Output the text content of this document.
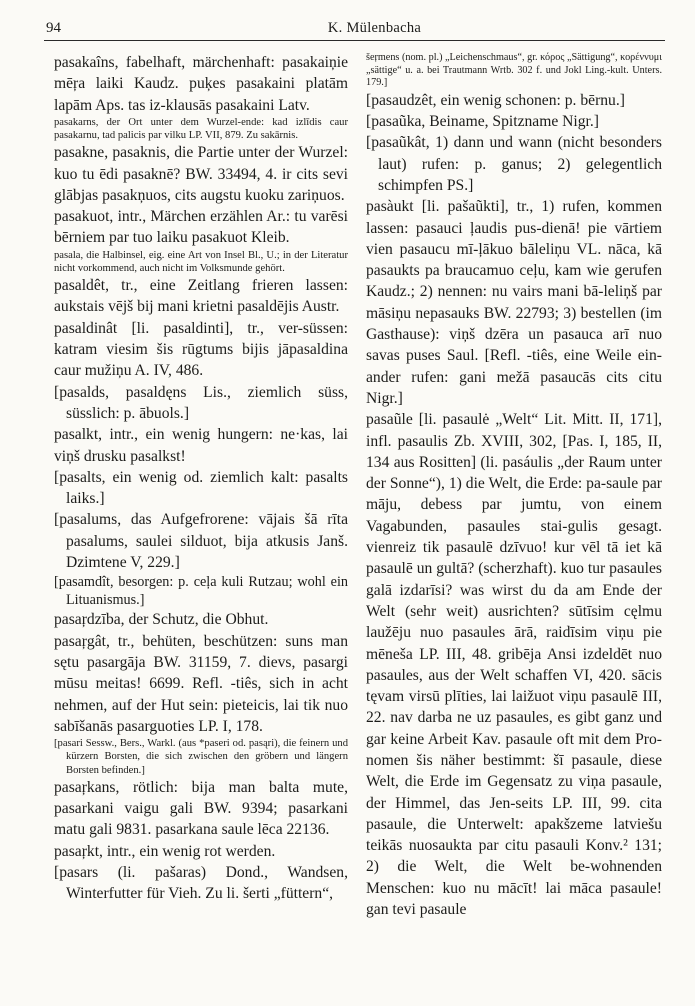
94	K. Mülenbacha

pasakaîns, fabelhaft, märchenhaft: pasakaiņie mēŗa laiki Kaudz. puķes pasakaini platām lapām Aps. tas iz-klausās pasakaini Latv.

pasakarns, der Ort unter dem Wurzel-ende: kad izlīdis caur pasakarnu, tad palicis par vilku LP. VII, 879. Zu sakārnis.

pasakne, pasaknis, die Partie unter der Wurzel: kuo tu ēdi pasaknē? BW. 33494, 4. ir cits sevi glābjas pasakņuos, cits augstu kuoku zariņuos.

pasakuot, intr., Märchen erzählen Ar.: tu varēsi bērniem par tuo laiku pasakuot Kleib.

pasala, die Halbinsel, eig. eine Art von Insel Bl., U.; in der Literatur nicht vorkommend, auch nicht im Volksmunde gehört.

pasaldêt, tr., eine Zeitlang frieren lassen: aukstais vējš bij mani krietni pasaldējis Austr.

pasaldinât [li. pasaldinti], tr., ver-süssen: katram viesim šis rūgtums bijis jāpasaldina caur mužiņu A. IV, 486.

[pasalds, pasaldęns Lis., ziemlich süss, süsslich: p. ābuols.]

pasalkt, intr., ein wenig hungern: ne·kas, lai viņš drusku pasalkst!

[pasalts, ein wenig od. ziemlich kalt: pasalts laiks.]

[pasalums, das Aufgefrorene: vājais šā rīta pasalums, saulei silduot, bija atkusis Janš. Dzimtene V, 229.]

[pasamdît, besorgen: p. ceļa kuli Rutzau; wohl ein Lituanismus.]

pasaŗdzība, der Schutz, die Obhut.

pasaŗgât, tr., behüten, beschützen: suns man sętu pasargāja BW. 31159, 7. dievs, pasargi mūsu meitas! 6699. Refl. -tiês, sich in acht nehmen, auf der Hut sein: pieteicis, lai tik nuo sabīšanās pasarguoties LP. I, 178.

[pasari Sessw., Bers., Warkl. (aus *paseri od. pasąri), die feinern und kürzern Borsten, die sich zwischen den gröbern und längern Borsten befinden.]

pasaŗkans, rötlich: bija man balta mute, pasarkani vaigu gali BW. 9394; pasarkani matu gali 9831. pasarkana saule lēca 22136.

pasaŗkt, intr., ein wenig rot werden.

[pasars (li. pašaras) Dond., Wandsen, Winterfutter für Vieh. Zu li. šerti „füttern“,

šeŗmens (nom. pl.) „Leichenschmaus“, gr. κόρος „Sättigung“, κορέννυμι „sättige“ u. a. bei Trautmann Wrtb. 302 f. und Jokl Ling.-kult. Unters. 179.]

[pasaudzêt, ein wenig schonen: p. bērnu.]

[pasaũka, Beiname, Spitzname Nigr.]

[pasaũkât, 1) dann und wann (nicht besonders laut) rufen: p. ganus; 2) gelegentlich schimpfen PS.]

pasàukt [li. pašaũkti], tr., 1) rufen, kommen lassen: pasauci ļaudis pus-dienā! pie vārtiem vien pasaucu mī-ļākuo bāleliņu VL. nāca, kā pasaukts pa braucamuo ceļu, kam wie gerufen Kaudz.; 2) nennen: nu vairs mani bā-leliņš par māsiņu nepasauks BW. 22793; 3) bestellen (im Gasthause): viņš dzēra un pasauca arī nuo savas puses Saul. [Refl. -tiês, eine Weile ein-ander rufen: gani mežā pasaucās cits citu Nigr.]

pasaũle [li. pasaulė „Welt“ Lit. Mitt. II, 171], infl. pasaulis Zb. XVIII, 302, [Pas. I, 185, II, 134 aus Rositten] (li. pasáulis „der Raum unter der Sonne“), 1) die Welt, die Erde: pa-saule par māju, debess par jumtu, von einem Vagabunden, pasaules stai-gulis gesagt. vienreiz tik pasaulē dzīvuo! kur vēl tā iet kā pasaulē un gultā? (scherzhaft). kuo tur pasaules galā izdarīsi? was wirst du da am Ende der Welt (sehr weit) ausrichten? sūtīsim cęlmu laužēju nuo pasaules ārā, raidīsim viņu pie mēneša LP. III, 48. gribēja Ansi izdeldēt nuo pasaules, aus der Welt schaffen VI, 420. sācis tęvam virsū plīties, lai laižuot viņu pasaulē III, 22. nav darba ne uz pasaules, es gibt ganz und gar keine Arbeit Kav. pasaule oft mit dem Pro-nomen šis näher bestimmt: šī pasaule, diese Welt, die Erde im Gegensatz zu viņa pasaule, der Himmel, das Jen-seits LP. III, 99. cita pasaule, die Unterwelt: apakšzeme latviešu teikās nuosaukta par citu pasauli Konv.² 131; 2) die Welt, die Welt be-wohnenden Menschen: kuo nu mācīt! lai māca pasaule! gan tevi pasaule
